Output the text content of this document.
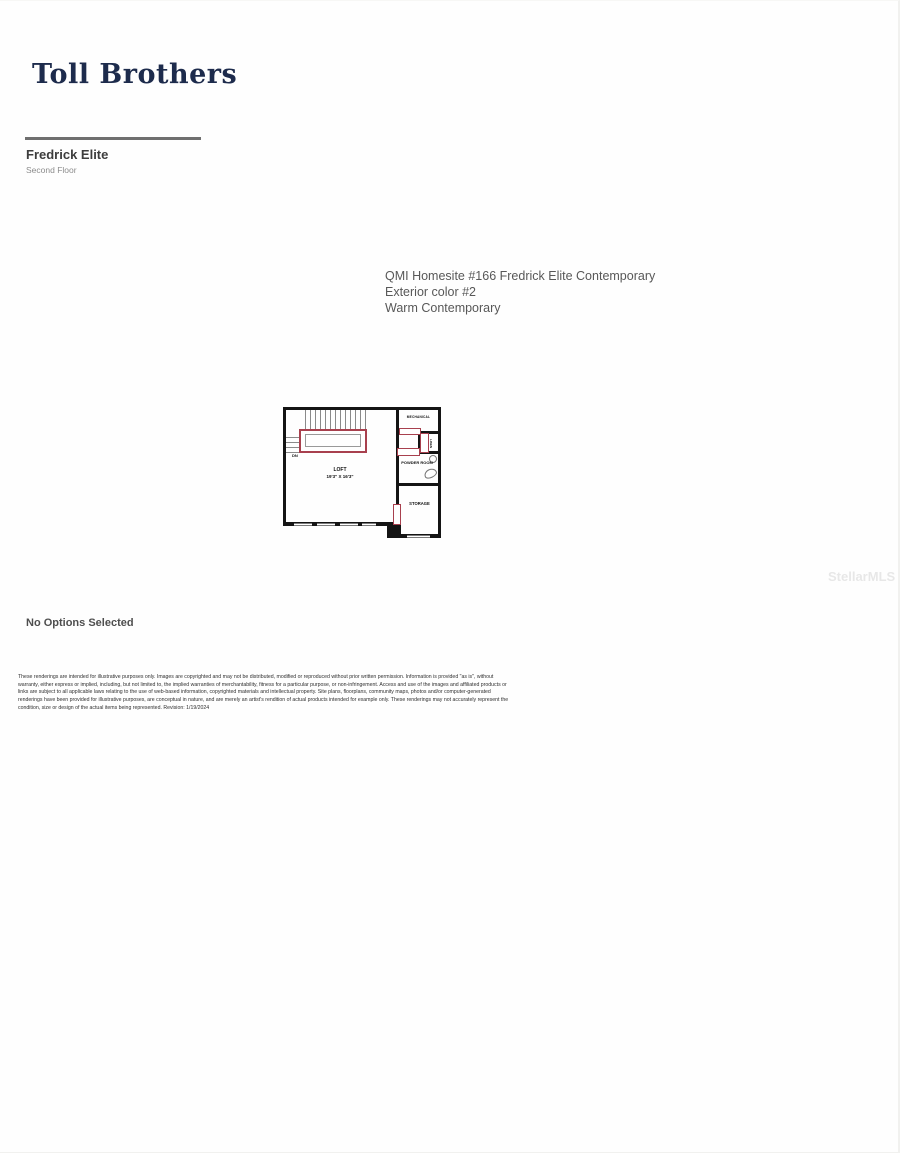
Toll Brothers
Fredrick Elite
Second Floor
QMI Homesite #166 Fredrick Elite Contemporary
Exterior color #2
Warm Contemporary
DN
MECHANICAL
LINEN
POWDER ROOM
STORAGE
LOFT
19'3" X 16'3"
StellarMLS
No Options Selected
These renderings are intended for illustrative purposes only. Images are copyrighted and may not be distributed, modified or reproduced without prior written permission. Information is provided "as is", without
warranty, either express or implied, including, but not limited to, the implied warranties of merchantability, fitness for a particular purpose, or non-infringement. Access and use of the images and affiliated products or
links are subject to all applicable laws relating to the use of web-based information, copyrighted materials and intellectual property. Site plans, floorplans, community maps, photos and/or computer-generated
renderings have been provided for illustrative purposes, are conceptual in nature, and are merely an artist's rendition of actual products intended for example only. These renderings may not accurately represent the
condition, size or design of the actual items being represented. Revision: 1/19/2024
